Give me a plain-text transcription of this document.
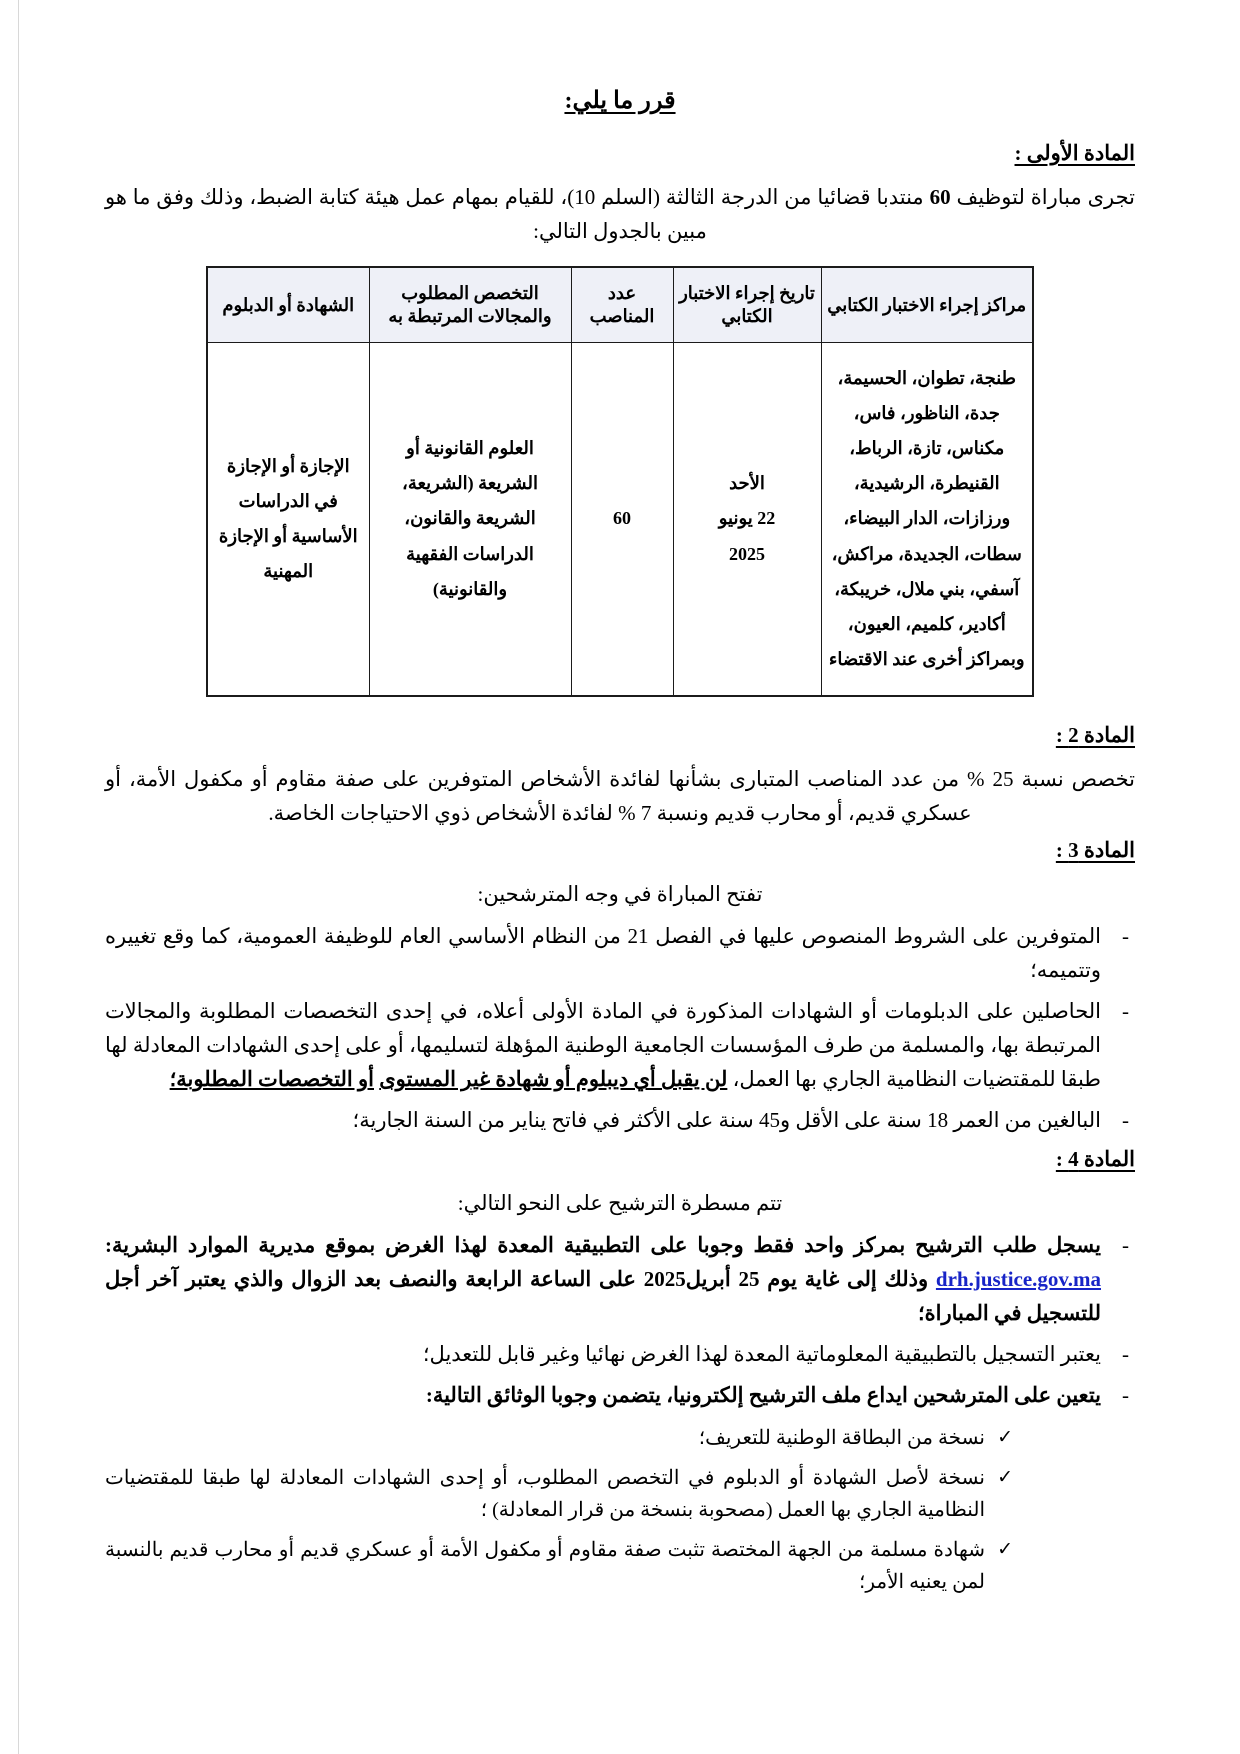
قرر ما يلي:
المادة الأولى :

تجرى مباراة لتوظيف 60 منتدبا قضائيا من الدرجة الثالثة (السلم 10)، للقيام بمهام عمل هيئة كتابة الضبط، وذلك وفق ما هو مبين بالجدول التالي:

مراكز إجراء الاختبار الكتابي	تاريخ إجراء الاختبار الكتابي	عدد المناصب	التخصص المطلوب والمجالات المرتبطة به	الشهادة أو الدبلوم
طنجة، تطوان، الحسيمة، جدة، الناظور، فاس، مكناس، تازة، الرباط، القنيطرة، الرشيدية، ورزازات، الدار البيضاء، سطات، الجديدة، مراكش، آسفي، بني ملال، خريبكة، أكادير، كلميم، العيون، وبمراكز أخرى عند الاقتضاء	الأحد
22 يونيو
2025	60	العلوم القانونية أو الشريعة (الشريعة، الشريعة والقانون، الدراسات الفقهية والقانونية)	الإجازة أو الإجازة في الدراسات الأساسية أو الإجازة المهنية
المادة 2 :

تخصص نسبة 25 % من عدد المناصب المتبارى بشأنها لفائدة الأشخاص المتوفرين على صفة مقاوم أو مكفول الأمة، أو عسكري قديم، أو محارب قديم ونسبة 7 % لفائدة الأشخاص ذوي الاحتياجات الخاصة.

المادة 3 :

تفتح المباراة في وجه المترشحين:

- المتوفرين على الشروط المنصوص عليها في الفصل 21 من النظام الأساسي العام للوظيفة العمومية، كما وقع تغييره وتتميمه؛
- الحاصلين على الدبلومات أو الشهادات المذكورة في المادة الأولى أعلاه، في إحدى التخصصات المطلوبة والمجالات المرتبطة بها، والمسلمة من طرف المؤسسات الجامعية الوطنية المؤهلة لتسليمها، أو على إحدى الشهادات المعادلة لها طبقا للمقتضيات النظامية الجاري بها العمل، لن يقبل أي ديبلوم أو شهادة غير المستوى أو التخصصات المطلوبة؛
- البالغين من العمر 18 سنة على الأقل و45 سنة على الأكثر في فاتح يناير من السنة الجارية؛
المادة 4 :

تتم مسطرة الترشيح على النحو التالي:

- يسجل طلب الترشيح بمركز واحد فقط وجوبا على التطبيقية المعدة لهذا الغرض بموقع مديرية الموارد البشرية: drh.justice.gov.ma وذلك إلى غاية يوم 25 أبريل2025 على الساعة الرابعة والنصف بعد الزوال والذي يعتبر آخر أجل للتسجيل في المباراة؛
- يعتبر التسجيل بالتطبيقية المعلوماتية المعدة لهذا الغرض نهائيا وغير قابل للتعديل؛
- يتعين على المترشحين ايداع ملف الترشيح إلكترونيا، يتضمن وجوبا الوثائق التالية:
✓ نسخة من البطاقة الوطنية للتعريف؛
✓ نسخة لأصل الشهادة أو الدبلوم في التخصص المطلوب، أو إحدى الشهادات المعادلة لها طبقا للمقتضيات النظامية الجاري بها العمل (مصحوبة بنسخة من قرار المعادلة) ؛
✓ شهادة مسلمة من الجهة المختصة تثبت صفة مقاوم أو مكفول الأمة أو عسكري قديم أو محارب قديم بالنسبة لمن يعنيه الأمر؛
